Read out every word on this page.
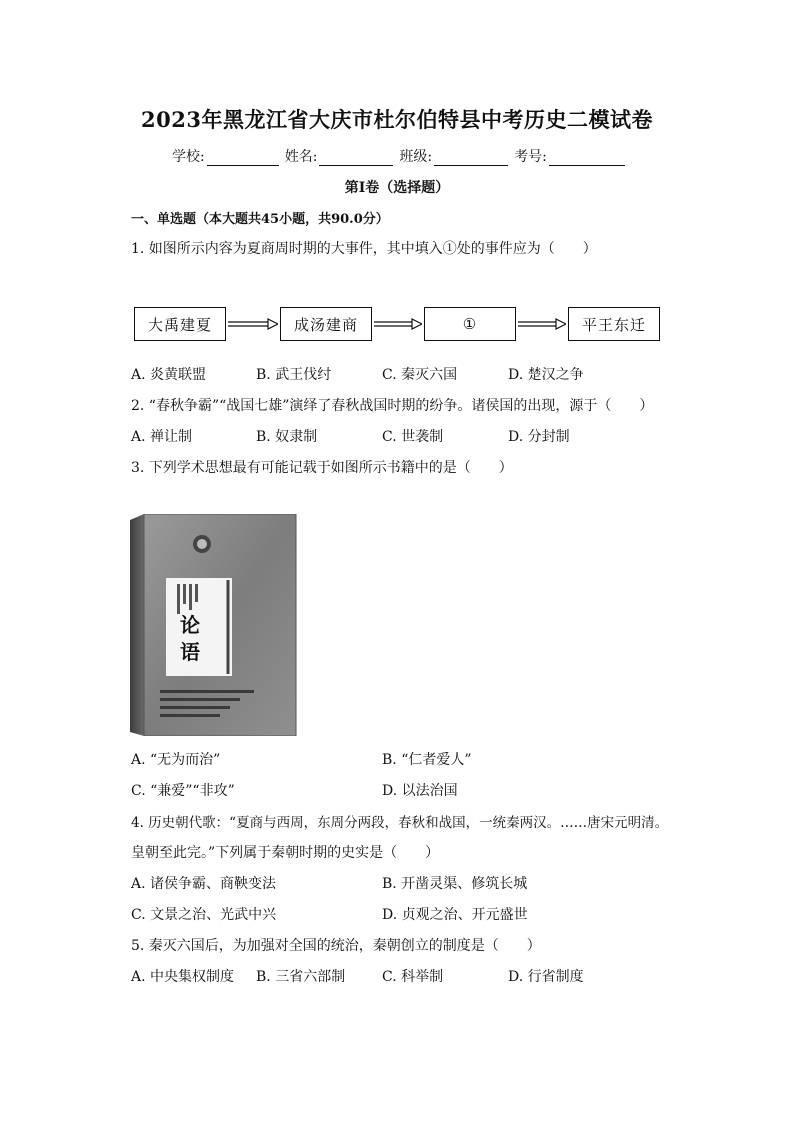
2023年黑龙江省大庆市杜尔伯特县中考历史二模试卷
学校:	姓名:	班级:	考号:
第I卷（选择题）
一、单选题（本大题共45小题，共90.0分）
1. 如图所示内容为夏商周时期的大事件，其中填入①处的事件应为（　　）
大禹建夏	成汤建商	①	平王东迁
A. 炎黄联盟	B. 武王伐纣	C. 秦灭六国	D. 楚汉之争
2. “春秋争霸”“战国七雄”演绎了春秋战国时期的纷争。诸侯国的出现，源于（　　）
A. 禅让制	B. 奴隶制	C. 世袭制	D. 分封制
3. 下列学术思想最有可能记载于如图所示书籍中的是（　　）
论
语
A. “无为而治”	B. “仁者爱人”
C. “兼爱”“非攻”	D. 以法治国
4. 历史朝代歌：“夏商与西周，东周分两段，春秋和战国，一统秦两汉。……唐宋元明清。
皇朝至此完。”下列属于秦朝时期的史实是（　　）
A. 诸侯争霸、商鞅变法	B. 开凿灵渠、修筑长城
C. 文景之治、光武中兴	D. 贞观之治、开元盛世
5. 秦灭六国后，为加强对全国的统治，秦朝创立的制度是（　　）
A. 中央集权制度 B. 三省六部制	C. 科举制	D. 行省制度
